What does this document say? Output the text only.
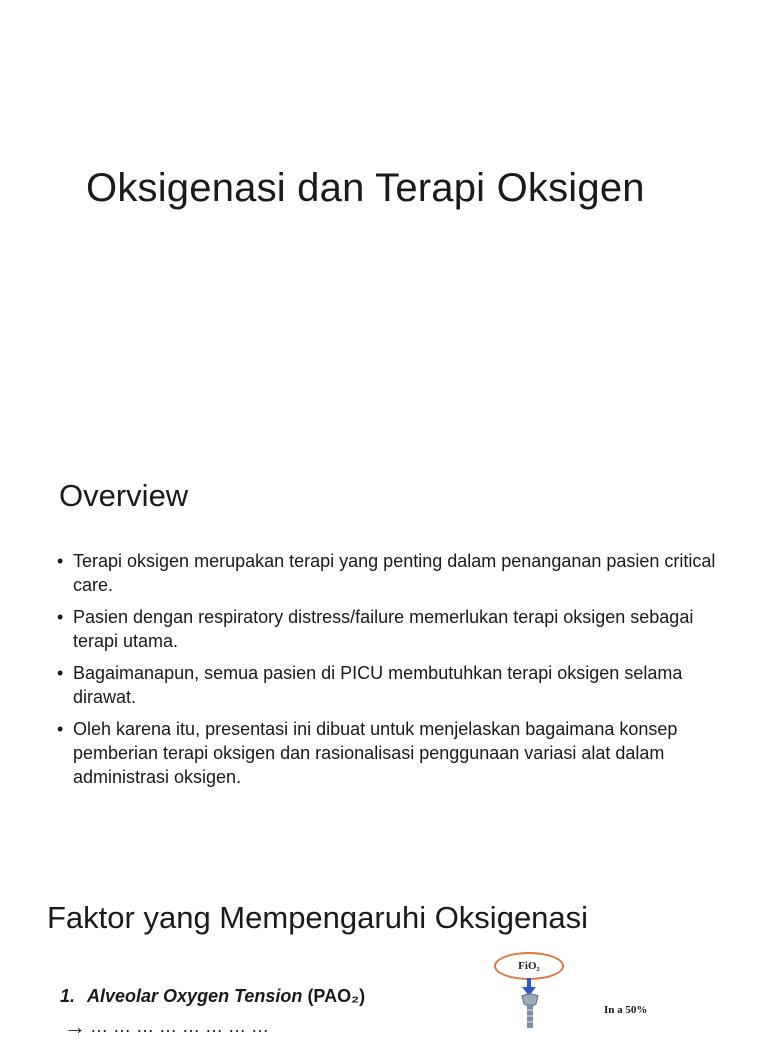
Oksigenasi dan Terapi Oksigen
Overview
• Terapi oksigen merupakan terapi yang penting dalam penanganan pasien critical care.
• Pasien dengan respiratory distress/failure memerlukan terapi oksigen sebagai terapi utama.
• Bagaimanapun, semua pasien di PICU membutuhkan terapi oksigen selama dirawat.
• Oleh karena itu, presentasi ini dibuat untuk menjelaskan bagaimana konsep pemberian terapi oksigen dan rasionalisasi penggunaan variasi alat dalam administrasi oksigen.
Faktor yang Mempengaruhi Oksigenasi

1. Alveolar Oxygen Tension (PAO₂)

→ … … … … … … … …
FiO₂
In a 50%
